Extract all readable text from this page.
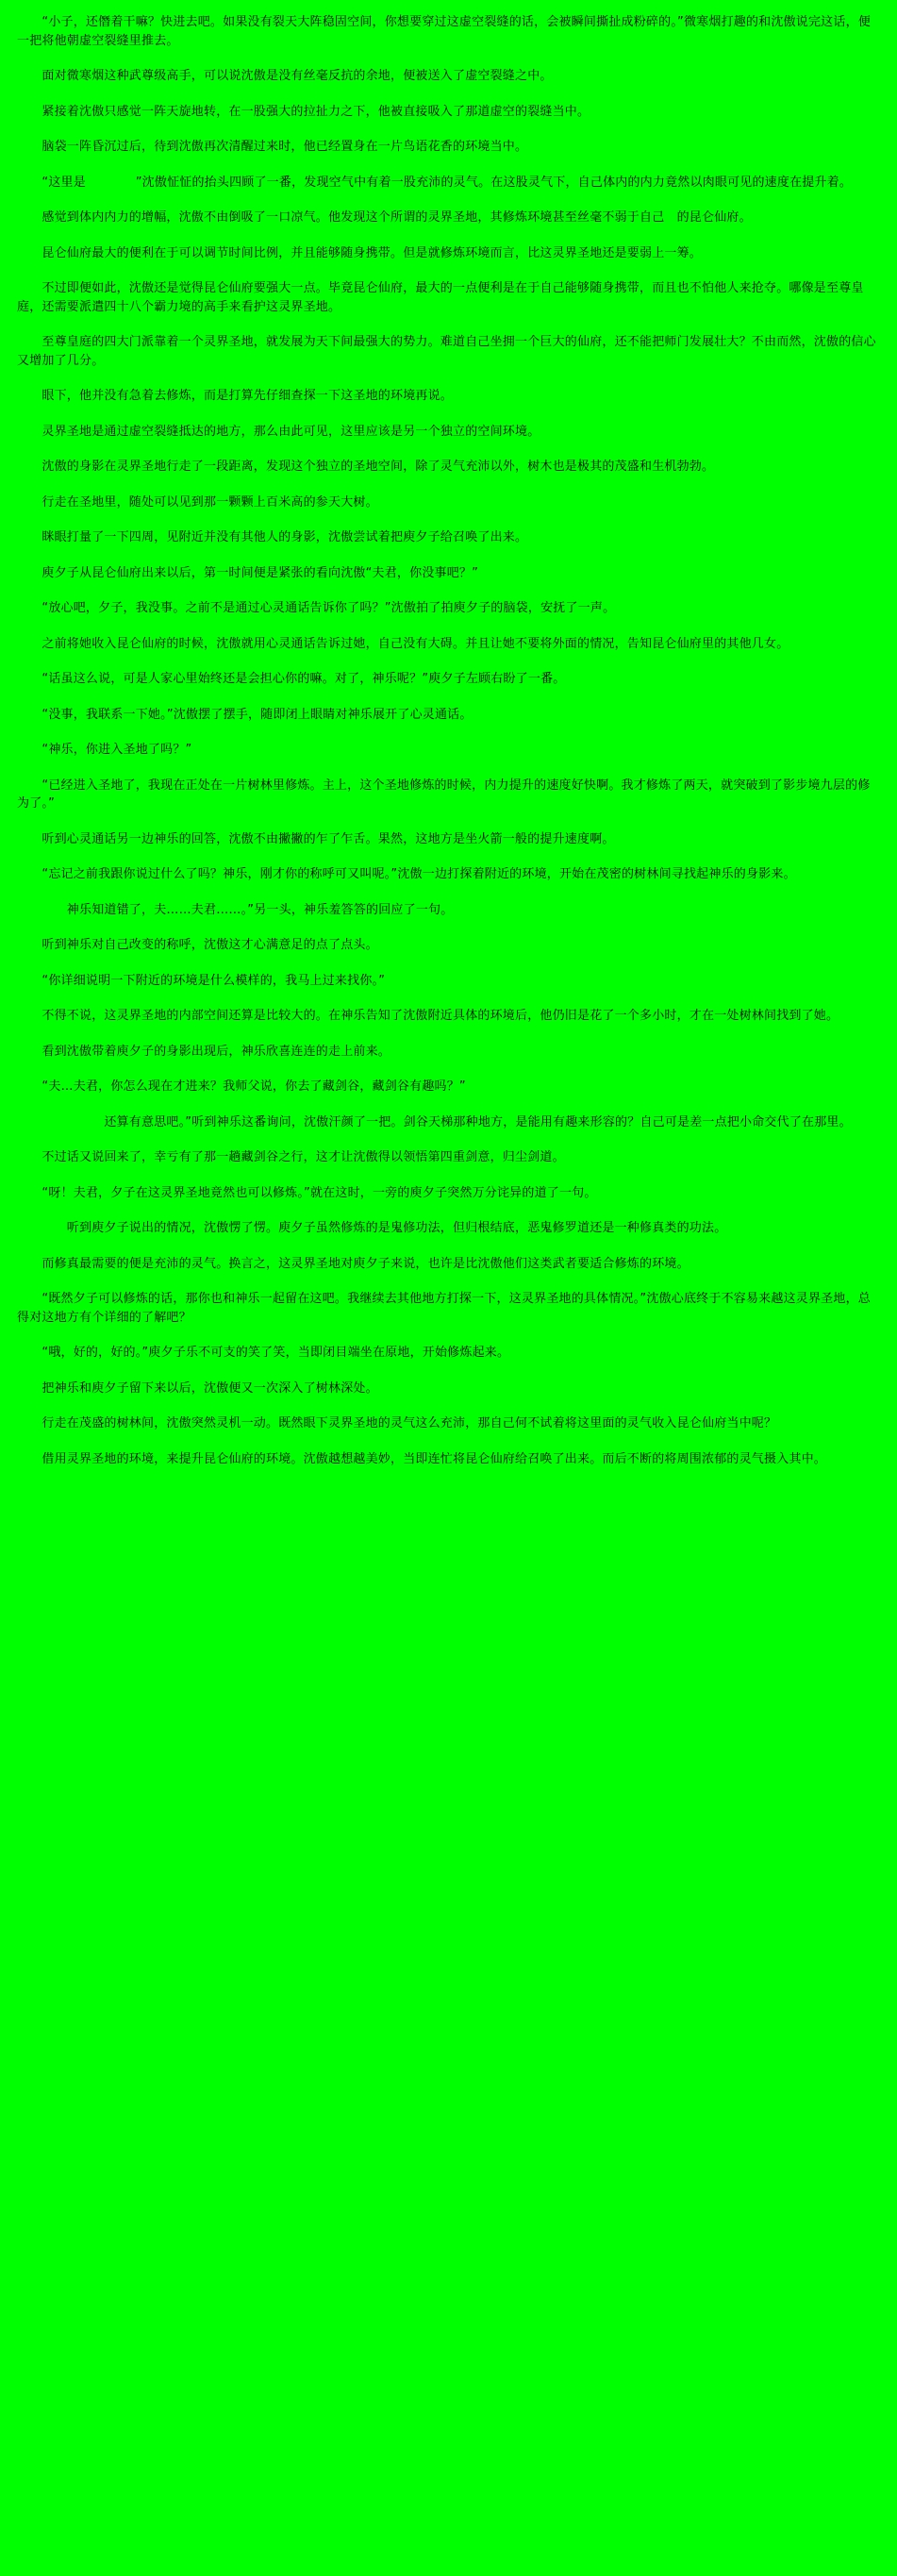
　　“小子，还僭着干嘛？快进去吧。如果没有裂天大阵稳固空间，你想要穿过这虚空裂缝的话，会被瞬间撕扯成粉碎的。”微寒烟打趣的和沈傲说完这话，便一把将他朝虚空裂缝里推去。

　　面对微寒烟这种武尊级高手，可以说沈傲是没有丝毫反抗的余地，便被送入了虚空裂缝之中。

　　紧接着沈傲只感觉一阵天旋地转，在一股强大的拉扯力之下，他被直接吸入了那道虚空的裂缝当中。

　　脑袋一阵昏沉过后，待到沈傲再次清醒过来时，他已经置身在一片鸟语花香的环境当中。

　　“这里是　　　　”沈傲怔怔的抬头四顾了一番，发现空气中有着一股充沛的灵气。在这股灵气下，自己体内的内力竟然以肉眼可见的速度在提升着。

　　感觉到体内内力的增幅，沈傲不由倒吸了一口凉气。他发现这个所谓的灵界圣地，其修炼环境甚至丝毫不弱于自己　的昆仑仙府。

　　昆仑仙府最大的便利在于可以调节时间比例，并且能够随身携带。但是就修炼环境而言，比这灵界圣地还是要弱上一筹。

　　不过即便如此，沈傲还是觉得昆仑仙府要强大一点。毕竟昆仑仙府，最大的一点便利是在于自己能够随身携带，而且也不怕他人来抢夺。哪像是至尊皇庭，还需要派遣四十八个霸力境的高手来看护这灵界圣地。

　　至尊皇庭的四大门派靠着一个灵界圣地，就发展为天下间最强大的势力。难道自己坐拥一个巨大的仙府，还不能把师门发展壮大？不由而然，沈傲的信心又增加了几分。

　　眼下，他并没有急着去修炼，而是打算先仔细查探一下这圣地的环境再说。

　　灵界圣地是通过虚空裂缝抵达的地方，那么由此可见，这里应该是另一个独立的空间环境。

　　沈傲的身影在灵界圣地行走了一段距离，发现这个独立的圣地空间，除了灵气充沛以外，树木也是极其的茂盛和生机勃勃。

　　行走在圣地里，随处可以见到那一颗颗上百米高的参天大树。

　　眯眼打量了一下四周，见附近并没有其他人的身影，沈傲尝试着把庾夕子给召唤了出来。

　　庾夕子从昆仑仙府出来以后，第一时间便是紧张的看向沈傲“夫君，你没事吧？”

　　“放心吧，夕子，我没事。之前不是通过心灵通话告诉你了吗？”沈傲拍了拍庾夕子的脑袋，安抚了一声。

　　之前将她收入昆仑仙府的时候，沈傲就用心灵通话告诉过她，自己没有大碍。并且让她不要将外面的情况，告知昆仑仙府里的其他几女。

　　“话虽这么说，可是人家心里始终还是会担心你的嘛。对了，神乐呢？”庾夕子左顾右盼了一番。

　　“没事，我联系一下她。”沈傲摆了摆手，随即闭上眼睛对神乐展开了心灵通话。

　　“神乐，你进入圣地了吗？”

　　“已经进入圣地了，我现在正处在一片树林里修炼。主上，这个圣地修炼的时候，内力提升的速度好快啊。我才修炼了两天，就突破到了影步境九层的修为了。”

　　听到心灵通话另一边神乐的回答，沈傲不由撇撇的乍了乍舌。果然，这地方是坐火箭一般的提升速度啊。

　　“忘记之前我跟你说过什么了吗？神乐，刚才你的称呼可又叫呢。”沈傲一边打探着附近的环境，开始在茂密的树林间寻找起神乐的身影来。

　　　　神乐知道错了，夫……夫君……。”另一头，神乐羞答答的回应了一句。

　　听到神乐对自己改变的称呼，沈傲这才心满意足的点了点头。

　　“你详细说明一下附近的环境是什么模样的，我马上过来找你。”

　　不得不说，这灵界圣地的内部空间还算是比较大的。在神乐告知了沈傲附近具体的环境后，他仍旧是花了一个多小时，才在一处树林间找到了她。

　　看到沈傲带着庾夕子的身影出现后，神乐欣喜连连的走上前来。

　　“夫…夫君，你怎么现在才进来？我师父说，你去了藏剑谷，藏剑谷有趣吗？”

　　　　　　　还算有意思吧。”听到神乐这番询问，沈傲汗颜了一把。剑谷天梯那种地方，是能用有趣来形容的？自己可是差一点把小命交代了在那里。

　　不过话又说回来了，幸亏有了那一趟藏剑谷之行，这才让沈傲得以领悟第四重剑意，归尘剑道。

　　“呀！夫君，夕子在这灵界圣地竟然也可以修炼。”就在这时，一旁的庾夕子突然万分诧异的道了一句。

　　　　听到庾夕子说出的情况，沈傲愣了愣。庾夕子虽然修炼的是鬼修功法，但归根结底，恶鬼修罗道还是一种修真类的功法。

　　而修真最需要的便是充沛的灵气。换言之，这灵界圣地对庾夕子来说，也许是比沈傲他们这类武者要适合修炼的环境。

　　“既然夕子可以修炼的话，那你也和神乐一起留在这吧。我继续去其他地方打探一下，这灵界圣地的具体情况。”沈傲心底终于不容易来越这灵界圣地，总得对这地方有个详细的了解吧？

　　“哦，好的，好的。”庾夕子乐不可支的笑了笑，当即闭目端坐在原地，开始修炼起来。

　　把神乐和庾夕子留下来以后，沈傲便又一次深入了树林深处。

　　行走在茂盛的树林间，沈傲突然灵机一动。既然眼下灵界圣地的灵气这么充沛，那自己何不试着将这里面的灵气收入昆仑仙府当中呢？

　　借用灵界圣地的环境，来提升昆仑仙府的环境。沈傲越想越美妙，当即连忙将昆仑仙府给召唤了出来。而后不断的将周围浓郁的灵气摄入其中。
